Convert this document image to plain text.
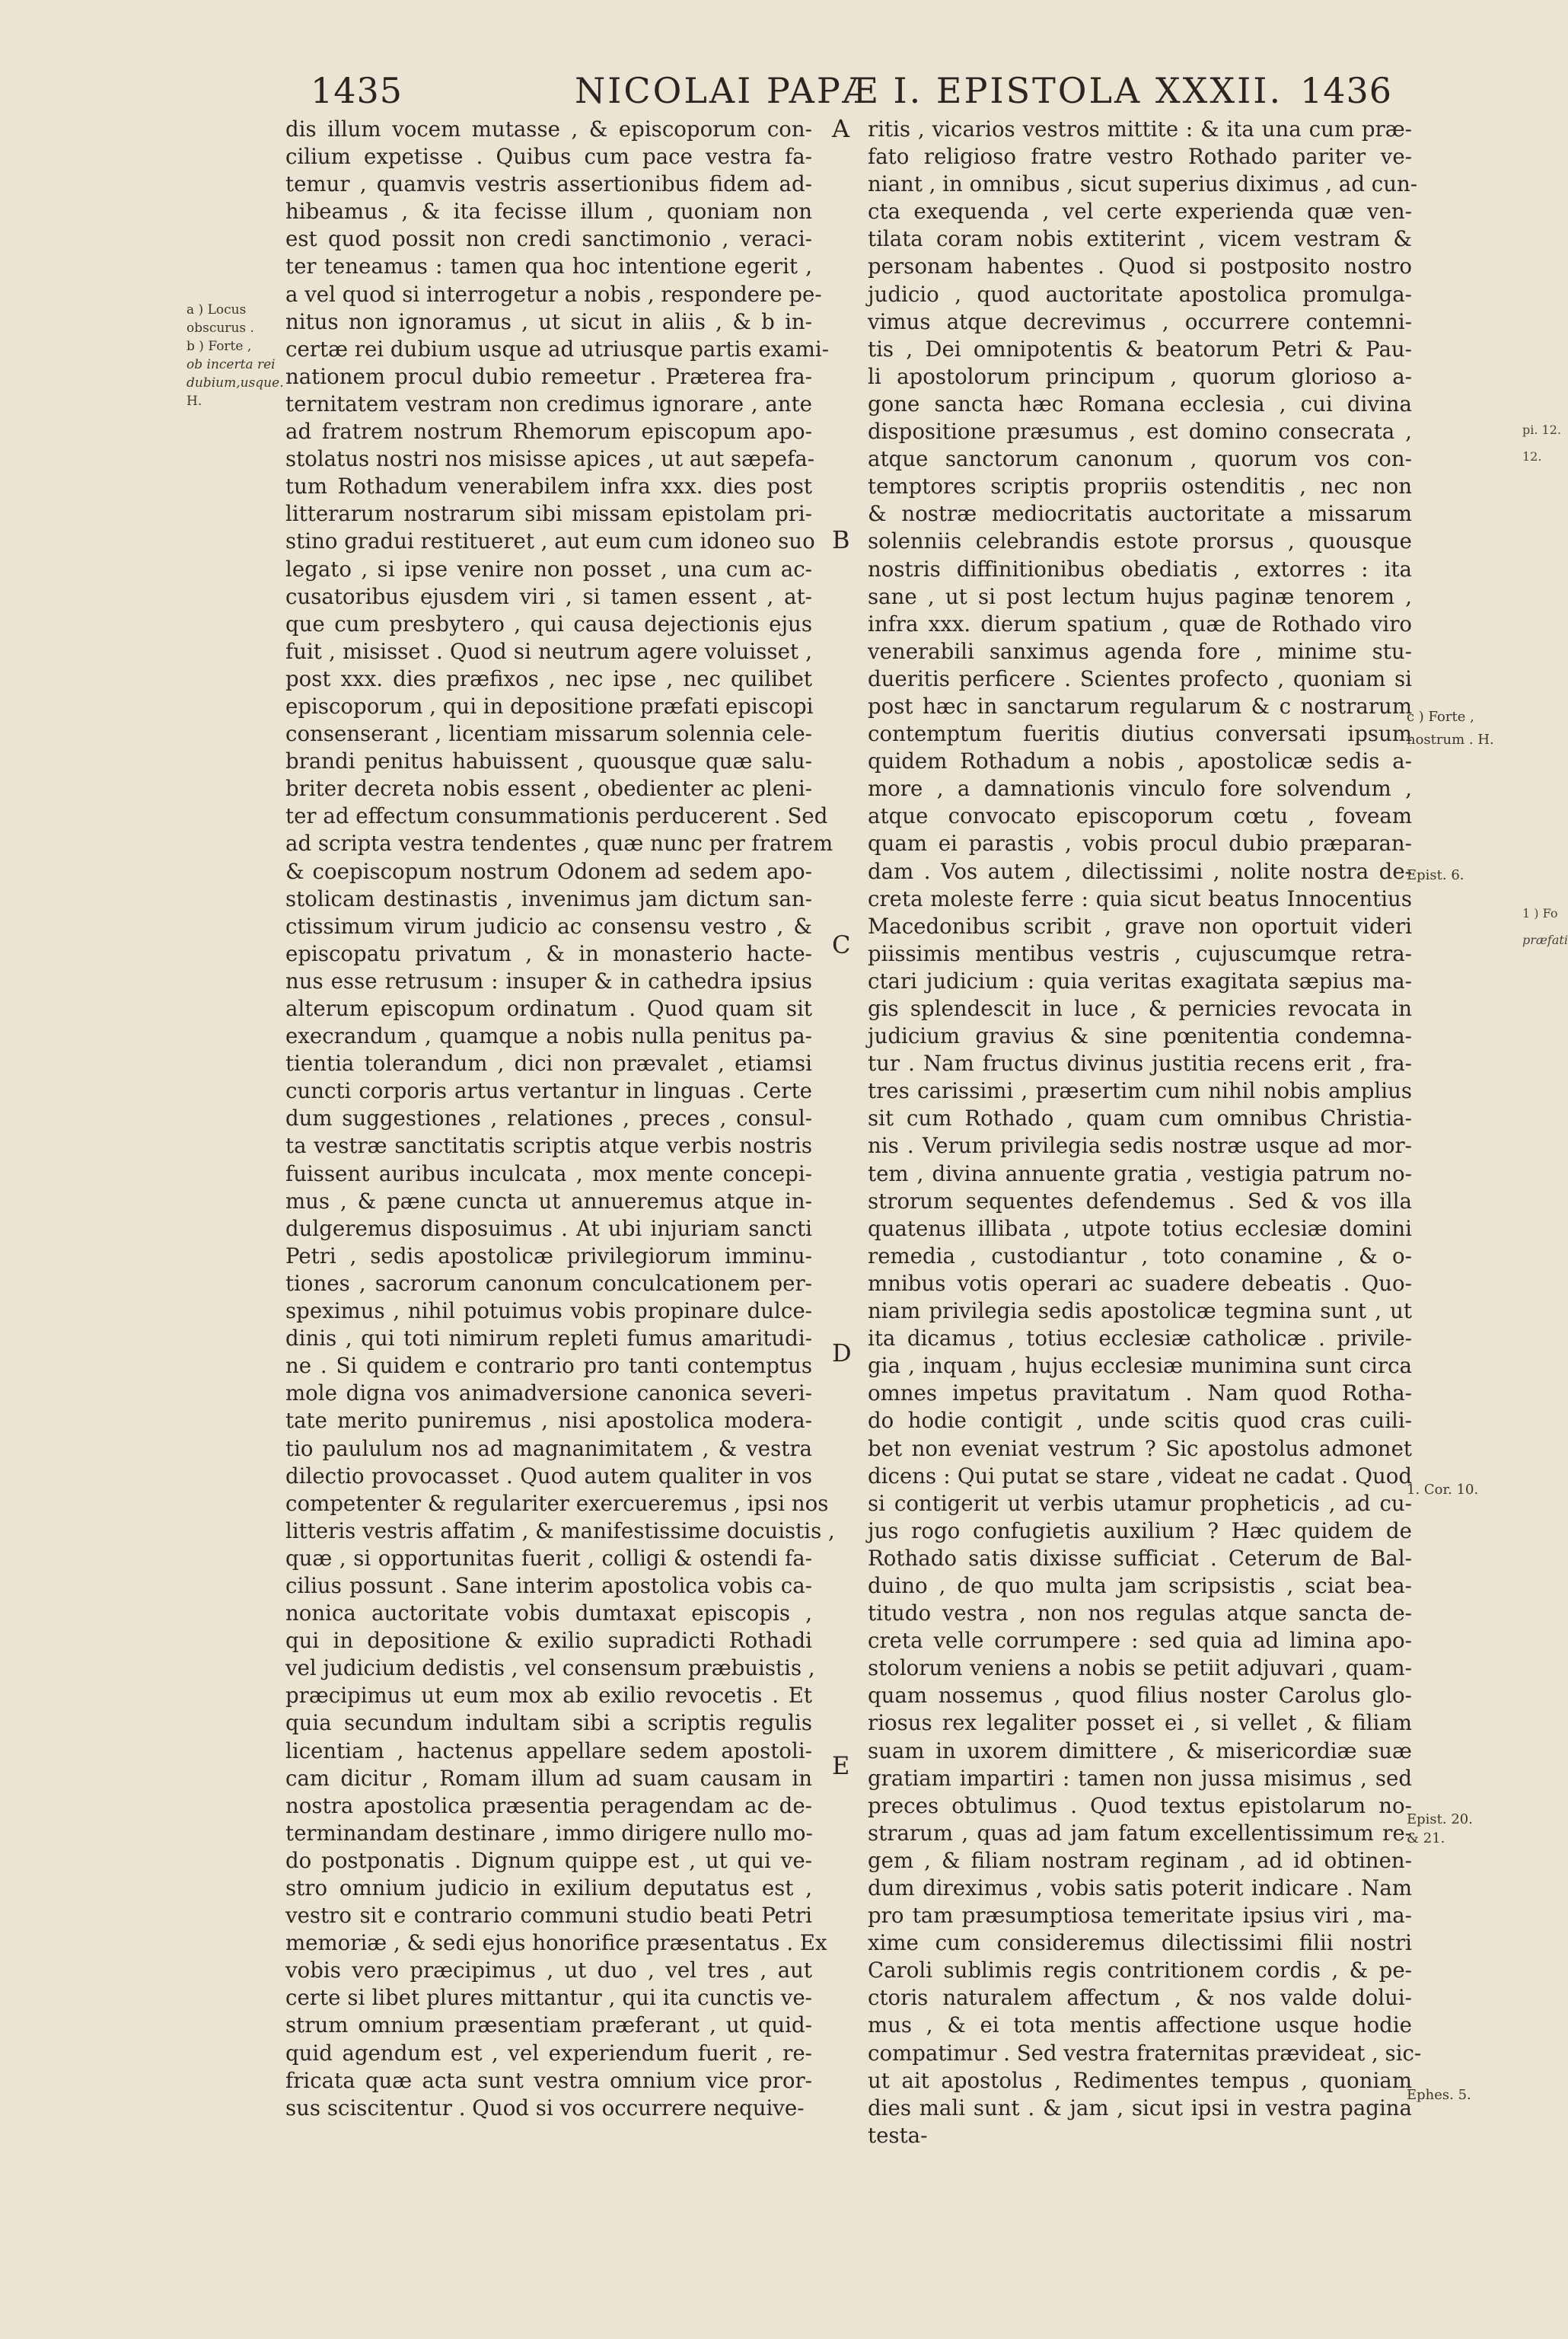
1435	NICOLAI PAPÆ I. EPISTOLA XXXII. 1436
a ) Locus
obscurus .
b ) Forte ,
ob incerta rei
dubium,usque.
H.
dis illum vocem mutasse , & episcoporum con-
cilium expetisse . Quibus cum pace vestra fa-
temur , quamvis vestris assertionibus fidem ad-
hibeamus , & ita fecisse illum , quoniam non
est quod possit non credi sanctimonio , veraci-
ter teneamus : tamen qua hoc intentione egerit ,
a vel quod si interrogetur a nobis , respondere pe-
nitus non ignoramus , ut sicut in aliis , & b in-
certæ rei dubium usque ad utriusque partis exami-
nationem procul dubio remeetur . Præterea fra-
ternitatem vestram non credimus ignorare , ante
ad fratrem nostrum Rhemorum episcopum apo-
stolatus nostri nos misisse apices , ut aut sæpefa-
tum Rothadum venerabilem infra xxx. dies post
litterarum nostrarum sibi missam epistolam pri-
stino gradui restitueret , aut eum cum idoneo suo
legato , si ipse venire non posset , una cum ac-
cusatoribus ejusdem viri , si tamen essent , at-
que cum presbytero , qui causa dejectionis ejus
fuit , misisset . Quod si neutrum agere voluisset ,
post xxx. dies præfixos , nec ipse , nec quilibet
episcoporum , qui in depositione præfati episcopi
consenserant , licentiam missarum solennia cele-
brandi penitus habuissent , quousque quæ salu-
briter decreta nobis essent , obedienter ac pleni-
ter ad effectum consummationis perducerent . Sed
ad scripta vestra tendentes , quæ nunc per fratrem
& coepiscopum nostrum Odonem ad sedem apo-
stolicam destinastis , invenimus jam dictum san-
ctissimum virum judicio ac consensu vestro , &
episcopatu privatum , & in monasterio hacte-
nus esse retrusum : insuper & in cathedra ipsius
alterum episcopum ordinatum . Quod quam sit
execrandum , quamque a nobis nulla penitus pa-
tientia tolerandum , dici non prævalet , etiamsi
cuncti corporis artus vertantur in linguas . Certe
dum suggestiones , relationes , preces , consul-
ta vestræ sanctitatis scriptis atque verbis nostris
fuissent auribus inculcata , mox mente concepi-
mus , & pæne cuncta ut annueremus atque in-
dulgeremus disposuimus . At ubi injuriam sancti
Petri , sedis apostolicæ privilegiorum imminu-
tiones , sacrorum canonum conculcationem per-
speximus , nihil potuimus vobis propinare dulce-
dinis , qui toti nimirum repleti fumus amaritudi-
ne . Si quidem e contrario pro tanti contemptus
mole digna vos animadversione canonica severi-
tate merito puniremus , nisi apostolica modera-
tio paululum nos ad magnanimitatem , & vestra
dilectio provocasset . Quod autem qualiter in vos
competenter & regulariter exercueremus , ipsi nos
litteris vestris affatim , & manifestissime docuistis ,
quæ , si opportunitas fuerit , colligi & ostendi fa-
cilius possunt . Sane interim apostolica vobis ca-
nonica auctoritate vobis dumtaxat episcopis ,
qui in depositione & exilio supradicti Rothadi
vel judicium dedistis , vel consensum præbuistis ,
præcipimus ut eum mox ab exilio revocetis . Et
quia secundum indultam sibi a scriptis regulis
licentiam , hactenus appellare sedem apostoli-
cam dicitur , Romam illum ad suam causam in
nostra apostolica præsentia peragendam ac de-
terminandam destinare , immo dirigere nullo mo-
do postponatis . Dignum quippe est , ut qui ve-
stro omnium judicio in exilium deputatus est ,
vestro sit e contrario communi studio beati Petri
memoriæ , & sedi ejus honorifice præsentatus . Ex
vobis vero præcipimus , ut duo , vel tres , aut
certe si libet plures mittantur , qui ita cunctis ve-
strum omnium præsentiam præferant , ut quid-
quid agendum est , vel experiendum fuerit , re-
fricata quæ acta sunt vestra omnium vice pror-
sus sciscitentur . Quod si vos occurrere nequive-
ritis , vicarios vestros mittite : & ita una cum præ-
fato religioso fratre vestro Rothado pariter ve-
niant , in omnibus , sicut superius diximus , ad cun-
cta exequenda , vel certe experienda quæ ven-
tilata coram nobis extiterint , vicem vestram &
personam habentes . Quod si postposito nostro
judicio , quod auctoritate apostolica promulga-
vimus atque decrevimus , occurrere contemni-
tis , Dei omnipotentis & beatorum Petri & Pau-
li apostolorum principum , quorum glorioso a-
gone sancta hæc Romana ecclesia , cui divina
dispositione præsumus , est domino consecrata ,
atque sanctorum canonum , quorum vos con-
temptores scriptis propriis ostenditis , nec non
& nostræ mediocritatis auctoritate a missarum
solenniis celebrandis estote prorsus , quousque
nostris diffinitionibus obediatis , extorres : ita
sane , ut si post lectum hujus paginæ tenorem ,
infra xxx. dierum spatium , quæ de Rothado viro
venerabili sanximus agenda fore , minime stu-
dueritis perficere . Scientes profecto , quoniam si
post hæc in sanctarum regularum & c nostrarum
contemptum fueritis diutius conversati ipsum
quidem Rothadum a nobis , apostolicæ sedis a-
more , a damnationis vinculo fore solvendum ,
atque convocato episcoporum cœtu , foveam
quam ei parastis , vobis procul dubio præparan-
dam . Vos autem , dilectissimi , nolite nostra de-
creta moleste ferre : quia sicut beatus Innocentius
Macedonibus scribit , grave non oportuit videri
piissimis mentibus vestris , cujuscumque retra-
ctari judicium : quia veritas exagitata sæpius ma-
gis splendescit in luce , & pernicies revocata in
judicium gravius & sine pœnitentia condemna-
tur . Nam fructus divinus justitia recens erit , fra-
tres carissimi , præsertim cum nihil nobis amplius
sit cum Rothado , quam cum omnibus Christia-
nis . Verum privilegia sedis nostræ usque ad mor-
tem , divina annuente gratia , vestigia patrum no-
strorum sequentes defendemus . Sed & vos illa
quatenus illibata , utpote totius ecclesiæ domini
remedia , custodiantur , toto conamine , & o-
mnibus votis operari ac suadere debeatis . Quo-
niam privilegia sedis apostolicæ tegmina sunt , ut
ita dicamus , totius ecclesiæ catholicæ . privile-
gia , inquam , hujus ecclesiæ munimina sunt circa
omnes impetus pravitatum . Nam quod Rotha-
do hodie contigit , unde scitis quod cras cuili-
bet non eveniat vestrum ? Sic apostolus admonet
dicens : Qui putat se stare , videat ne cadat . Quod
si contigerit ut verbis utamur propheticis , ad cu-
jus rogo confugietis auxilium ? Hæc quidem de
Rothado satis dixisse sufficiat . Ceterum de Bal-
duino , de quo multa jam scripsistis , sciat bea-
titudo vestra , non nos regulas atque sancta de-
creta velle corrumpere : sed quia ad limina apo-
stolorum veniens a nobis se petiit adjuvari , quam-
quam nossemus , quod filius noster Carolus glo-
riosus rex legaliter posset ei , si vellet , & filiam
suam in uxorem dimittere , & misericordiæ suæ
gratiam impartiri : tamen non jussa misimus , sed
preces obtulimus . Quod textus epistolarum no-
strarum , quas ad jam fatum excellentissimum re-
gem , & filiam nostram reginam , ad id obtinen-
dum direximus , vobis satis poterit indicare . Nam
pro tam præsumptiosa temeritate ipsius viri , ma-
xime cum consideremus dilectissimi filii nostri
Caroli sublimis regis contritionem cordis , & pe-
ctoris naturalem affectum , & nos valde dolui-
mus , & ei tota mentis affectione usque hodie
compatimur . Sed vestra fraternitas prævideat , sic-
ut ait apostolus , Redimentes tempus , quoniam
dies mali sunt . & jam , sicut ipsi in vestra pagina
testa-
A
B
C
D
E
c ) Forte ,
nostrum . H.
Epist. 6.
1. Cor. 10.
Epist. 20.
& 21.
Ephes. 5.
pi. 12.
12.
1 ) Fo
præfati
